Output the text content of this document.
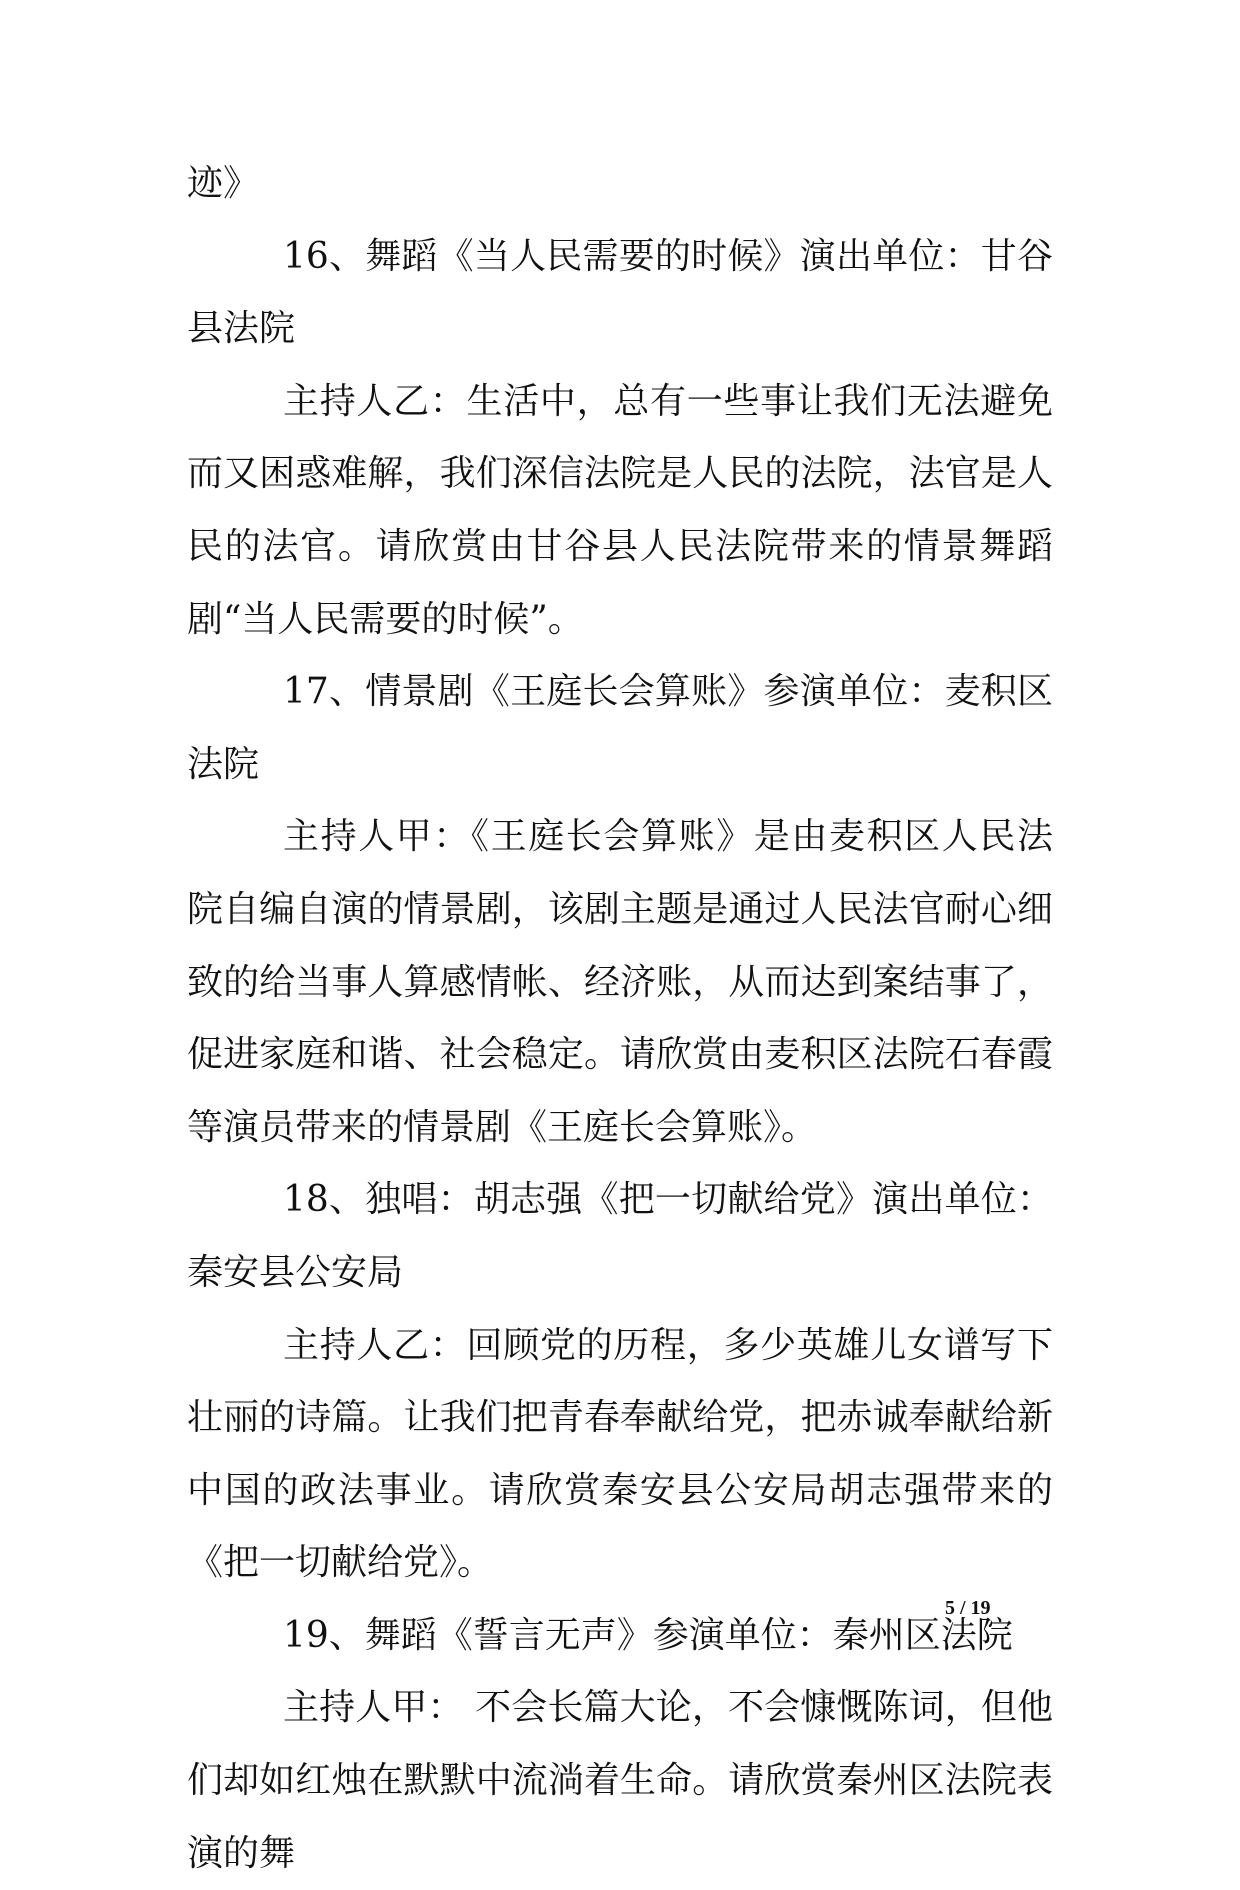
迹》

16、舞蹈《当人民需要的时候》演出单位：甘谷县法院

主持人乙：生活中，总有一些事让我们无法避免而又困惑难解，我们深信法院是人民的法院，法官是人民的法官。请欣赏由甘谷县人民法院带来的情景舞蹈剧“当人民需要的时候”。

17、情景剧《王庭长会算账》参演单位：麦积区法院

主持人甲：《王庭长会算账》是由麦积区人民法院自编自演的情景剧，该剧主题是通过人民法官耐心细致的给当事人算感情帐、经济账，从而达到案结事了，促进家庭和谐、社会稳定。请欣赏由麦积区法院石春霞等演员带来的情景剧《王庭长会算账》。

18、独唱：胡志强《把一切献给党》演出单位：秦安县公安局

主持人乙：回顾党的历程，多少英雄儿女谱写下壮丽的诗篇。让我们把青春奉献给党，把赤诚奉献给新中国的政法事业。请欣赏秦安县公安局胡志强带来的《把一切献给党》。

19、舞蹈《誓言无声》参演单位：秦州区法院

主持人甲： 不会长篇大论，不会慷慨陈词，但他们却如红烛在默默中流淌着生命。请欣赏秦州区法院表演的舞

5 / 19
